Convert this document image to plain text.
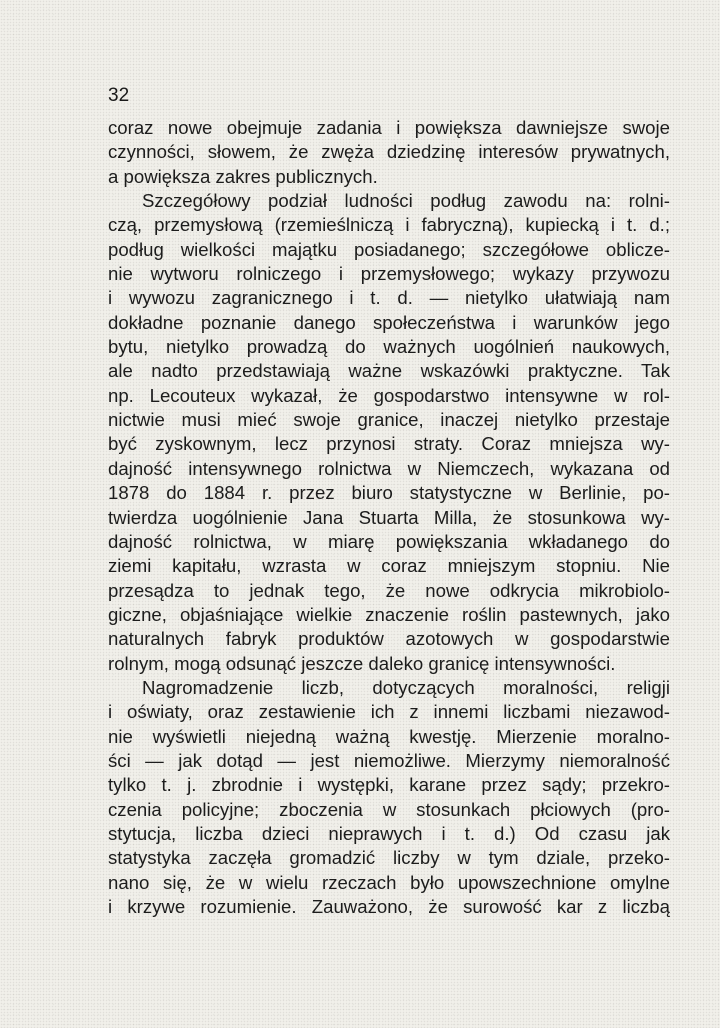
32
coraz nowe obejmuje zadania i powiększa dawniejsze swoje
czynności, słowem, że zwęża dziedzinę interesów prywatnych,
a powiększa zakres publicznych.
Szczegółowy podział ludności podług zawodu na: rolni-
czą, przemysłową (rzemieślniczą i fabryczną), kupiecką i t. d.;
podług wielkości majątku posiadanego; szczegółowe oblicze-
nie wytworu rolniczego i przemysłowego; wykazy przywozu
i wywozu zagranicznego i t. d. — nietylko ułatwiają nam
dokładne poznanie danego społeczeństwa i warunków jego
bytu, nietylko prowadzą do ważnych uogólnień naukowych,
ale nadto przedstawiają ważne wskazówki praktyczne. Tak
np. Lecouteux wykazał, że gospodarstwo intensywne w rol-
nictwie musi mieć swoje granice, inaczej nietylko przestaje
być zyskownym, lecz przynosi straty. Coraz mniejsza wy-
dajność intensywnego rolnictwa w Niemczech, wykazana od
1878 do 1884 r. przez biuro statystyczne w Berlinie, po-
twierdza uogólnienie Jana Stuarta Milla, że stosunkowa wy-
dajność rolnictwa, w miarę powiększania wkładanego do
ziemi kapitału, wzrasta w coraz mniejszym stopniu. Nie
przesądza to jednak tego, że nowe odkrycia mikrobiolo-
giczne, objaśniające wielkie znaczenie roślin pastewnych, jako
naturalnych fabryk produktów azotowych w gospodarstwie
rolnym, mogą odsunąć jeszcze daleko granicę intensywności.
Nagromadzenie liczb, dotyczących moralności, religji
i oświaty, oraz zestawienie ich z innemi liczbami niezawod-
nie wyświetli niejedną ważną kwestję. Mierzenie moralno-
ści — jak dotąd — jest niemożliwe. Mierzymy niemoralność
tylko t. j. zbrodnie i występki, karane przez sądy; przekro-
czenia policyjne; zboczenia w stosunkach płciowych (pro-
stytucja, liczba dzieci nieprawych i t. d.) Od czasu jak
statystyka zaczęła gromadzić liczby w tym dziale, przeko-
nano się, że w wielu rzeczach było upowszechnione omylne
i krzywe rozumienie. Zauważono, że surowość kar z liczbą
